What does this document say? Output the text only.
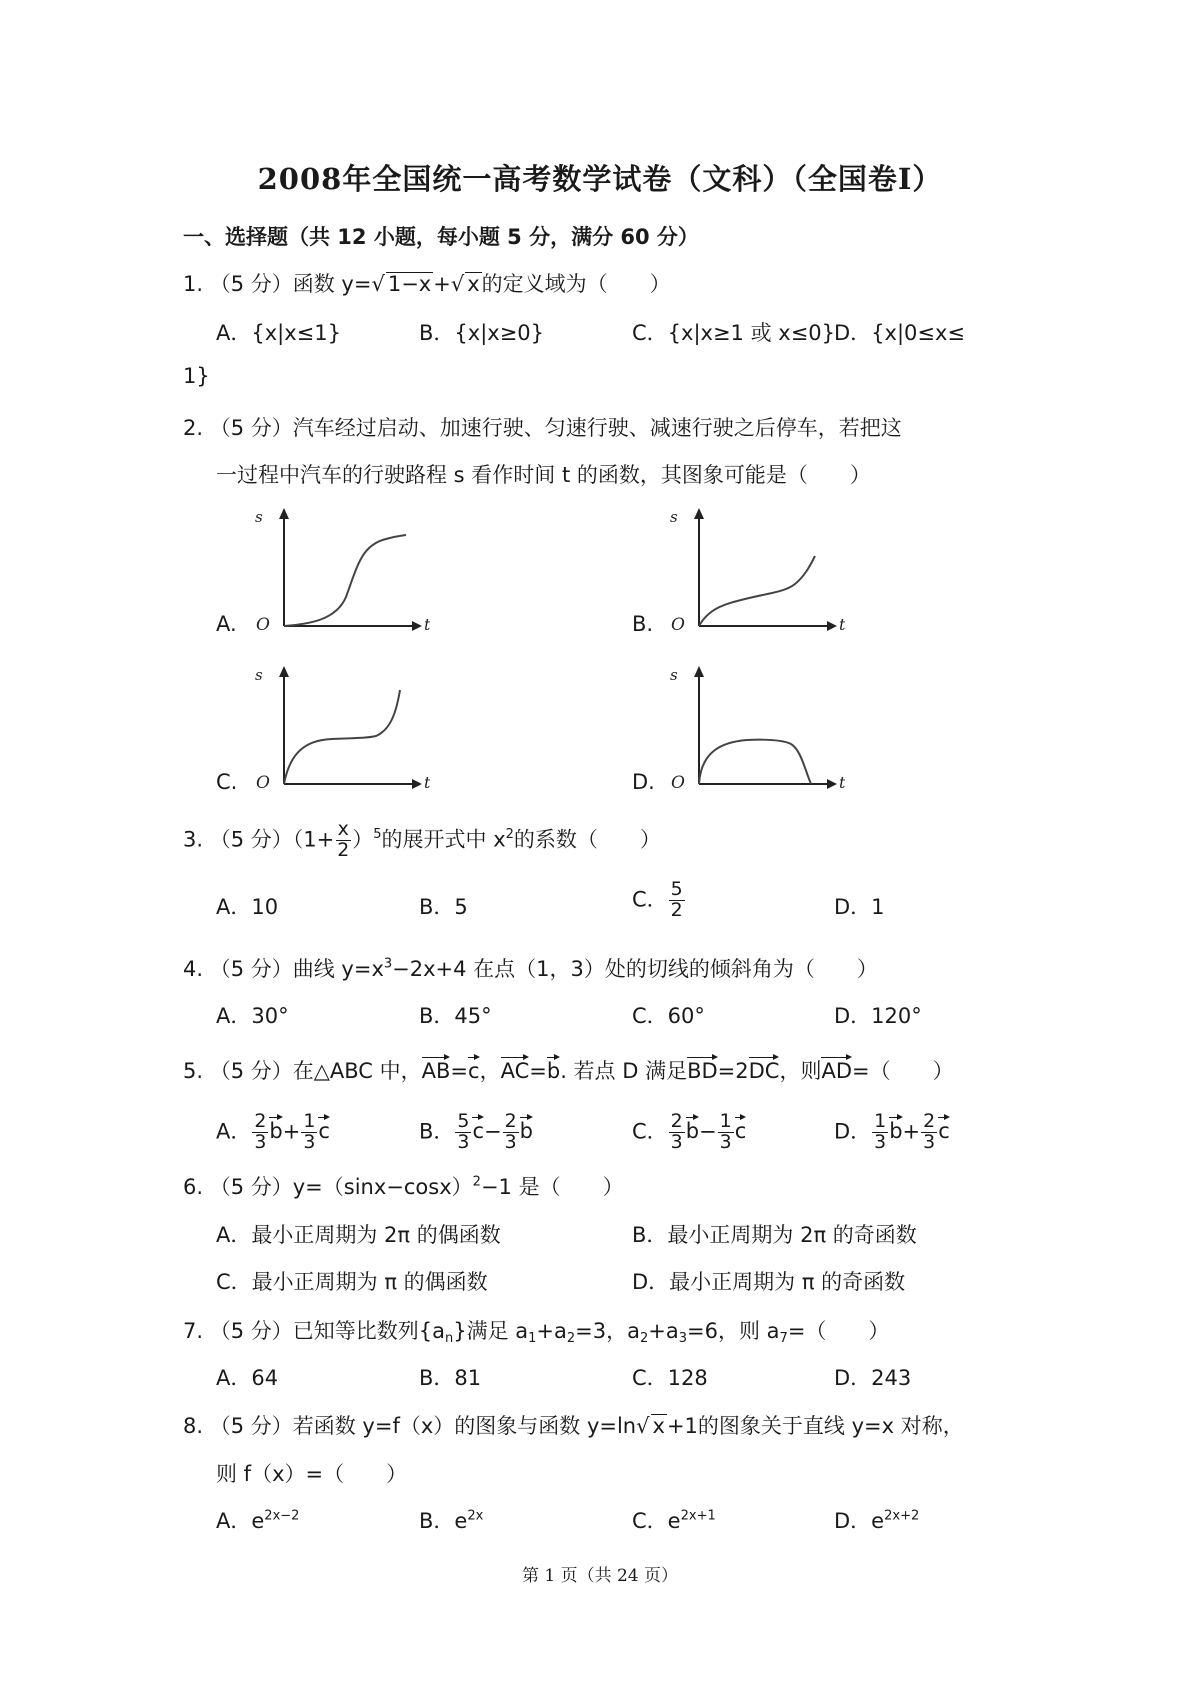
2008年全国统一高考数学试卷（文科）（全国卷Ⅰ）
一、选择题（共 12 小题，每小题 5 分，满分 60 分）
1. （5 分）函数 y=√ 1−x+√ x的定义域为（　　）
A．{x|x≤1}	B．{x|x≥0}	C．{x|x≥1 或 x≤0}
D．{x|0≤x≤
1}
2. （5 分）汽车经过启动、加速行驶、匀速行驶、减速行驶之后停车，若把这
一过程中汽车的行驶路程 s 看作时间 t 的函数，其图象可能是（　　）
A.	B.
C.	D.
O	t
s
O	t
s
O	t
s
O	t
s
3. （5 分）$(1+ \frac{x}{2} )^5$的展开式中 $x^2$的系数（　　）
A．10	B．5	C． $\frac{5}{2}$	D．1
4. （5 分）曲线 $y=x^3-2x+4$ 在点（1，3）处的切线的倾斜角为（　　）
A．30°	B．45°	C．60°	D．120°
5. （5 分）在△ABC 中，AB=c，AC=b. 若点 D 满足BD=2DC，则AD=（　　）
A． $\frac{2}{3} b+ \frac{1}{3}$ c	B． $\frac{5}{3} c- \frac{2}{3}$ b	C． $\frac{2}{3} b- \frac{1}{3}$ c	D． $\frac{1}{3} b+ \frac{2}{3}$ c
6. （5 分）$y=(\sin x-\cos x)^2-1$ 是（　　）
A．最小正周期为 2π 的偶函数	B．最小正周期为 2π 的奇函数
C．最小正周期为 π 的偶函数	D．最小正周期为 π 的奇函数
7. （5 分）已知等比数列$\{a_n\}$满足 $a_1+a_2=3$，$a_2+a_3=6$，则 $a_7=$（　　）
A．64	B．81	C．128	D．243
8. （5 分）若函数 y=f（x）的图象与函数 y=ln√ x+1的图象关于直线 y=x 对称，
则 f（x）=（　　）
A．$e^{2x-2}$	B．$e^{2x}$	C．$e^{2x+1}$	D．$e^{2x+2}$
第 1 页（共 24 页）
